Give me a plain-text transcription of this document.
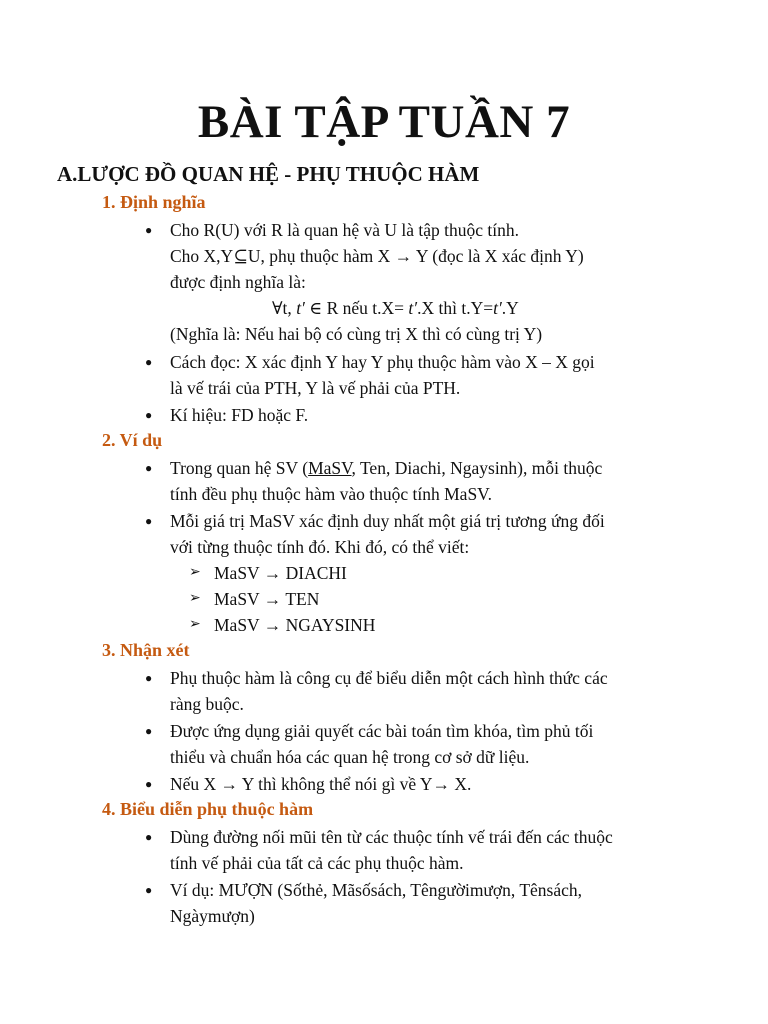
BÀI TẬP TUẦN 7
A.LƯỢC ĐỒ QUAN HỆ - PHỤ THUỘC HÀM
1. Định nghĩa
● Cho R(U) với R là quan hệ và U là tập thuộc tính.
Cho X,Y⊆U, phụ thuộc hàm X → Y (đọc là X xác định Y)
được định nghĩa là:
∀t, t′ ∈ R nếu t.X= t′.X thì t.Y=t′.Y
(Nghĩa là: Nếu hai bộ có cùng trị X thì có cùng trị Y)
● Cách đọc: X xác định Y hay Y phụ thuộc hàm vào X – X gọi
là vế trái của PTH, Y là vế phải của PTH.
● Kí hiệu: FD hoặc F.
2. Ví dụ
● Trong quan hệ SV (MaSV, Ten, Diachi, Ngaysinh), mỗi thuộc
tính đều phụ thuộc hàm vào thuộc tính MaSV.
● Mỗi giá trị MaSV xác định duy nhất một giá trị tương ứng đối
với từng thuộc tính đó. Khi đó, có thể viết:
➢ MaSV → DIACHI
➢ MaSV → TEN
➢ MaSV → NGAYSINH
3. Nhận xét
● Phụ thuộc hàm là công cụ để biểu diễn một cách hình thức các
ràng buộc.
● Được ứng dụng giải quyết các bài toán tìm khóa, tìm phủ tối
thiểu và chuẩn hóa các quan hệ trong cơ sở dữ liệu.
● Nếu X → Y thì không thể nói gì về Y→ X.
4. Biểu diễn phụ thuộc hàm
● Dùng đường nối mũi tên từ các thuộc tính vế trái đến các thuộc
tính vế phải của tất cả các phụ thuộc hàm.
● Ví dụ: MƯỢN (Sốthẻ, Mãsốsách, Têngườimượn, Tênsách,
Ngàymượn)
